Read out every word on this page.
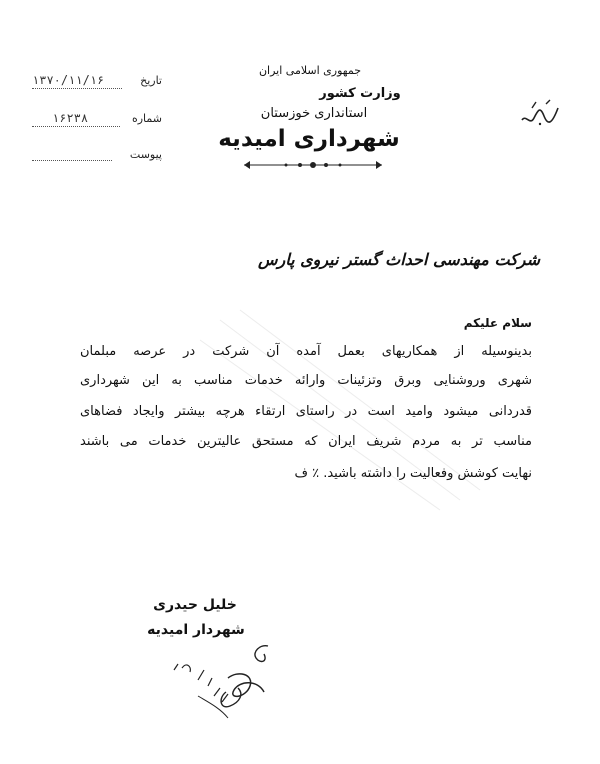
جمهوری اسلامی ایران
وزارت کشور
استانداری خوزستان
شهرداری امیدیه
تاریخ
۱۳۷۰/۱۱/۱۶
شماره
۱۶۲۳۸
پیوست
شرکت مهندسی احداث گستر نیروی پارس
سلام علیکم
بدینوسیله از همکاریهای بعمل آمده آن شرکت در عرصه مبلمان
شهری وروشنایی وبرق وتزئینات وارائه خدمات مناسب به این شهرداری
قدردانی میشود وامید است در راستای ارتقاء هرچه بیشتر وایجاد فضاهای
مناسب تر به مردم شریف ایران که مستحق عالیترین خدمات می باشند
نهایت کوشش وفعالیت را داشته باشید. ٪ ف
خلیل حیدری
شهردار امیدیه
